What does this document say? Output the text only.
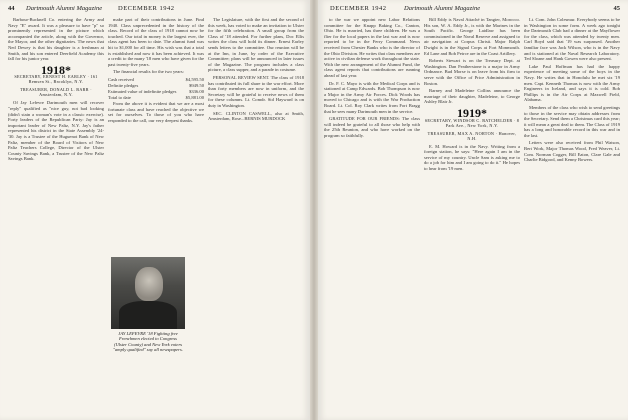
44 Dartmouth Alumni Magazine DECEMBER 1942

Barbour-Bucknell Co. entering the Army and Navy "E" award. It was a pleasure to have "p" so prominently represented in the picture which accompanied the article, along with the Governor, the Mayor, and the other dignitaries. The news that Ned Dewey is that his daughter is a freshman at Smith, and his son entered Deerfield Academy this fall for his junior year.

1918*
SECRETARY, ERNEST H. EARLEY · 161 Remsen St., Brooklyn, N.Y.
TREASURER, DONALD L. BARR · Amsterdam, N.Y.

Of Jay Lefevre Dartmouth men will recover "reply" qualified as "nice guy, not bad looking (didn't stain a woman's vote in a classic exercise). Forty leaders of the Republican Party: Jay is an important leader of New Paltz, N.Y. Jay's father represented his district in the State Assembly '24-'30. Jay is a Trustee of the Huguenot Bank of New Paltz, member of the Board of Visitors of New Paltz Teachers College, Director of the Ulster County Savings Bank, a Trustee of the New Paltz Savings Bank.

make part of their contributions in June. Find 1940. Class unprecedented in the history of the class. Record of the class of 1918 cannot now be touched. Our total in money is the largest ever, the class agent has been to date. The alumni fund was hit to $1,000 for all time. His wish was that a total is established and now it has been achieved. It was a credit to the many '18 men who have given for the past twenty-five years.

The financial results for the two years:

Cash received	$4,595.50
Definite pledges	$949.50
Estimated value of indefinite pledges	$336.00
Total to date	$5,881.00

From the above it is evident that we are a most fortunate class and have reached the objective we set for ourselves. To those of you who have responded to the call, our very deepest thanks.

JAY LEFEVRE '18 Fighting free Frenchmen elected to Congress (Ulster County) and New York voters "amply qualified" say all newspapers.

The Legislature, with the first and the second of this week, has voted to make an invitation to Ulster for the fifth celebration. A small group from the Class of '18 attended. For further plans, Doc Ellis writes the class will hold its dinner. Ernest Earley sends letters to the committee. Our reunion will be at the Inn, in June, by order of the Executive Committee; plans will be announced in later issues of the Magazine. The program includes a class picture, a class supper, and a parade in costume.

PERSONAL REVIEW SENT. The class of 1918 has contributed its full share to the war effort. More than forty members are now in uniform, and the Secretary will be grateful to receive news of them for these columns. Lt. Comdr. Sid Hayward is on duty in Washington.

SEC. CLINTON CASWELL, also at Smith, Amsterdam, Rose...BERNIS MURDOCK

DECEMBER 1942	Dartmouth Alumni Magazine	45

to the war we appoint new Labor Relations committee for the Knapp Baking Co., Canton, Ohio. He is married, has three children. He was a flier for the local papers in the last war and is now reported to be in the Ferry Command. News received from Chester Banks who is the director of the Ohio Division. He writes that class members are active in civilian defense work throughout the state. With the new arrangement of the Alumni Fund, the class agent reports that contributions are running ahead of last year.

Dr. F. C. Mayo is with the Medical Corps and is stationed at Camp Edwards. Bob Thompson is now a Major in the Army Air Forces. Dick Woods has moved to Chicago and is with the War Production Board. Lt. Col. Roy Clark writes from Fort Bragg that he sees many Dartmouth men in the service.

GRATITUDE FOR OUR FRIENDS: The class will indeed be grateful to all those who help with the 25th Reunion, and who have worked on the program so faithfully.

Bill Eddy is Naval Attaché in Tangier, Morocco. His son, W. A. Eddy Jr., is with the Marines in the South Pacific. George Laidlaw has been commissioned in the Naval Reserve and assigned to air navigation at Corpus Christi. Major Ralph Dwight is in the Signal Corps at Fort Monmouth. Ed Lane and Bob Peirce are in the Coast Artillery.

Roberts Stewart is on the Treasury Dept. at Washington. Dan Featherstone is a major in Army Ordnance. Bud Morse is on leave from his firm to serve with the Office of Price Administration in Boston.

Barney and Madeleine Collins announce the marriage of their daughter, Madeleine, to George Ashley Blair Jr.

1919*
SECRETARY, WINDSOR C. BATCHELDER · 8 Park Ave., New York, N.Y.
TREASURER, MAX A. NORTON · Hanover, N.H.

E. M. Howard is in the Navy. Writing from a foreign station, he says: "Here again I am in the service of my country. Uncle Sam is asking me to do a job for him and I am going to do it." He hopes to hear from '19 men.

Lt. Com. John Colesmur. Everybody seems to be in Washington in some form. A week ago tonight the Dartmouth Club had a dinner at the Mayflower for the class, which was attended by twenty men. Carl Boyd said that '19 was surpassed. Another familiar face was Jack Wilson, who is in the Navy and is stationed at the Naval Research Laboratory. Ted Sloane and Hank Gowen were also present.

Lake Paul Hoffman has had the happy experience of meeting some of the boys in the Navy. He writes that in Honolulu he met six '19 men. Capt. Kenneth Thomas is now with the Army Engineers in Iceland, and says it is cold. Bob Phillips is in the Air Corps at Maxwell Field, Alabama.

Members of the class who wish to send greetings to those in the service may obtain addresses from the Secretary. Send them a Christmas card this year; it will mean a great deal to them. The Class of 1919 has a long and honorable record in this war and in the last.

Letters were also received from Phil Watson, Bert Work, Major Thomas Wood, Fred Weaver, Lt. Com. Norman Cogger, Bill Eaton, Clare Gale and Charlie Bidgood, and Kenny Bowers.
